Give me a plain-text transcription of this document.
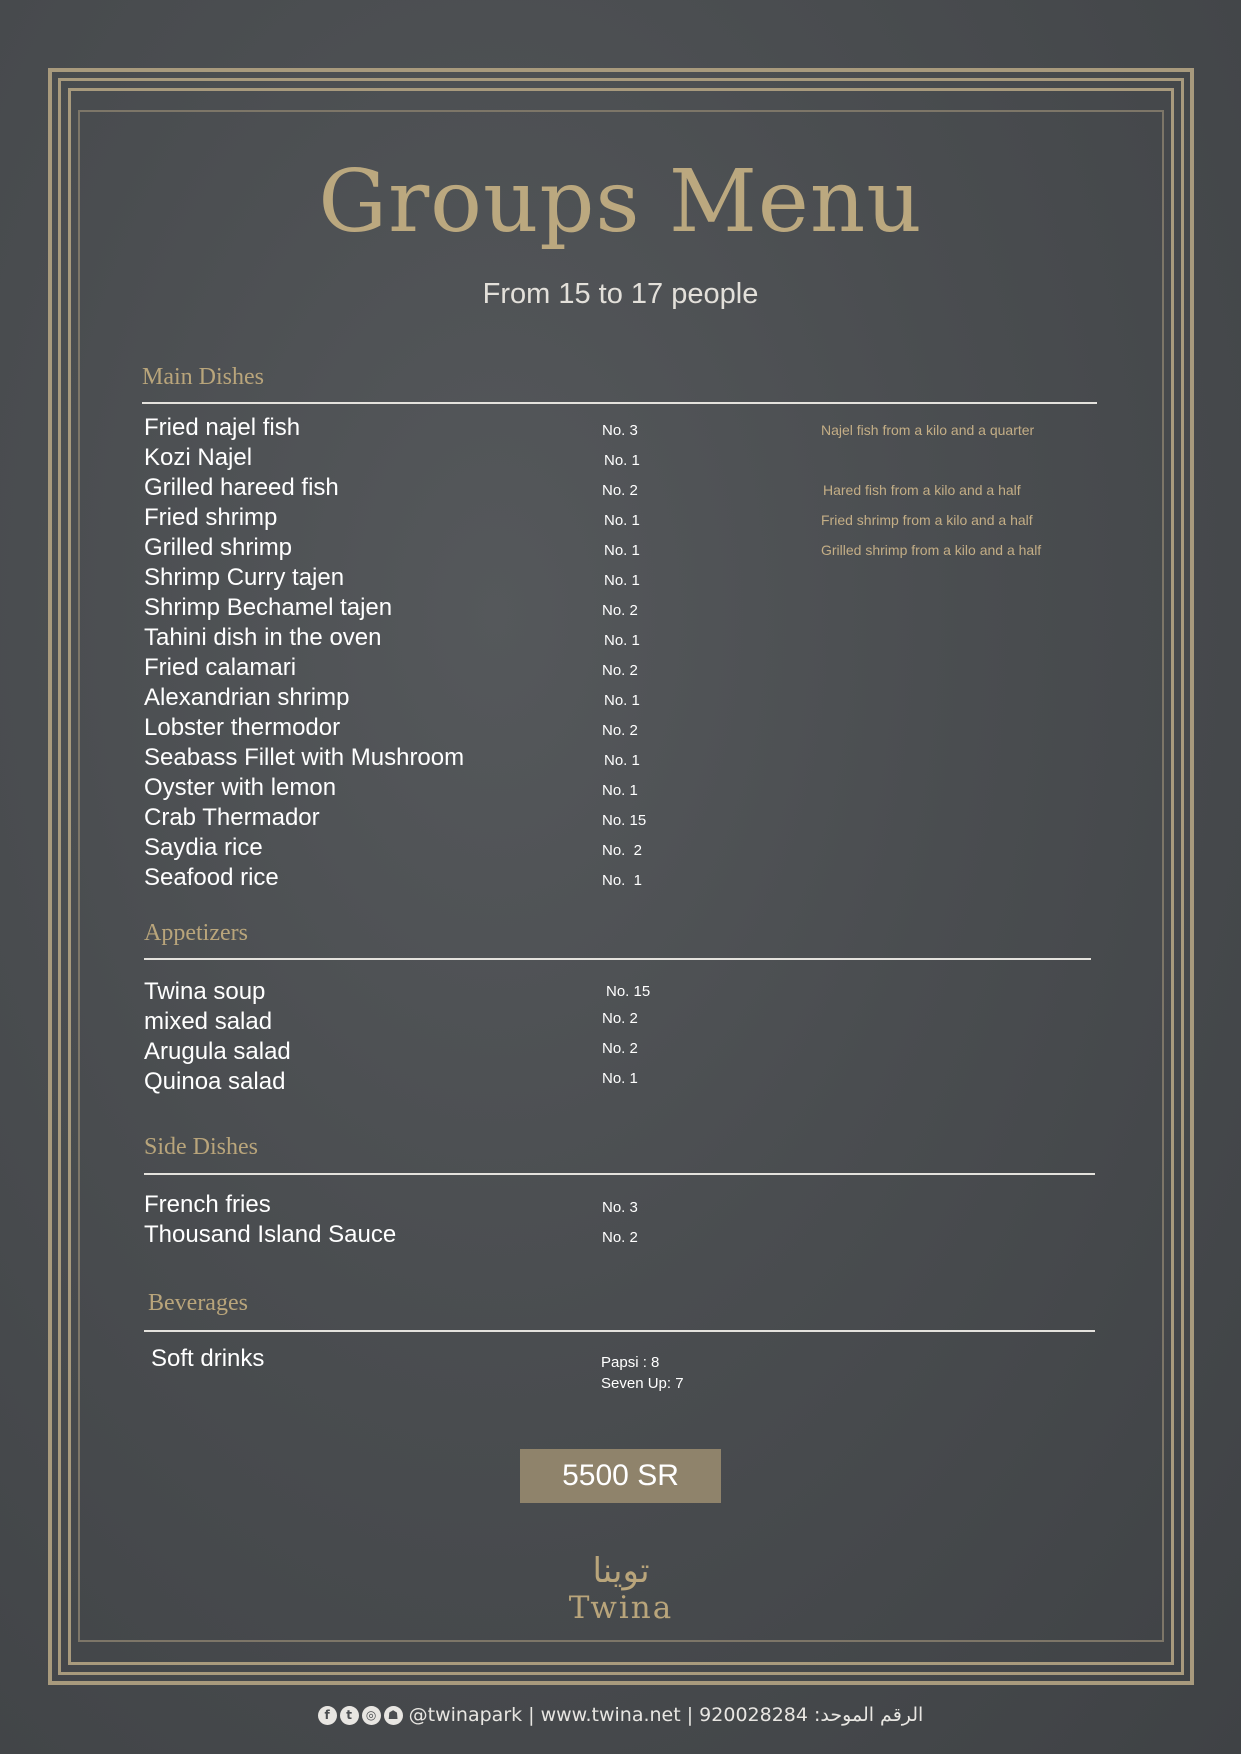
Groups Menu
From 15 to 17 people
Main Dishes
Fried najel fish	No. 3	Najel fish from a kilo and a quarter
Kozi Najel	No. 1
Grilled hareed fish	No. 2	Hared fish from a kilo and a half
Fried shrimp	No. 1	Fried shrimp from a kilo and a half
Grilled shrimp	No. 1	Grilled shrimp from a kilo and a half
Shrimp Curry tajen	No. 1
Shrimp Bechamel tajen	No. 2
Tahini dish in the oven	No. 1
Fried calamari	No. 2
Alexandrian shrimp	No. 1
Lobster thermodor	No. 2
Seabass Fillet with Mushroom	No. 1
Oyster with lemon	No. 1
Crab Thermador	No. 15
Saydia rice	No.  2
Seafood rice	No.  1
Appetizers
Twina soup	No. 15
mixed salad	No. 2
Arugula salad	No. 2
Quinoa salad	No. 1
Side Dishes
French fries	No. 3
Thousand Island Sauce	No. 2
Beverages
Soft drinks	Papsi : 8
Seven Up: 7
5500 SR
توينا
Twina
f	t	◎ ☗ @twinapark | www.twina.net | 920028284 :الرقم الموحد
